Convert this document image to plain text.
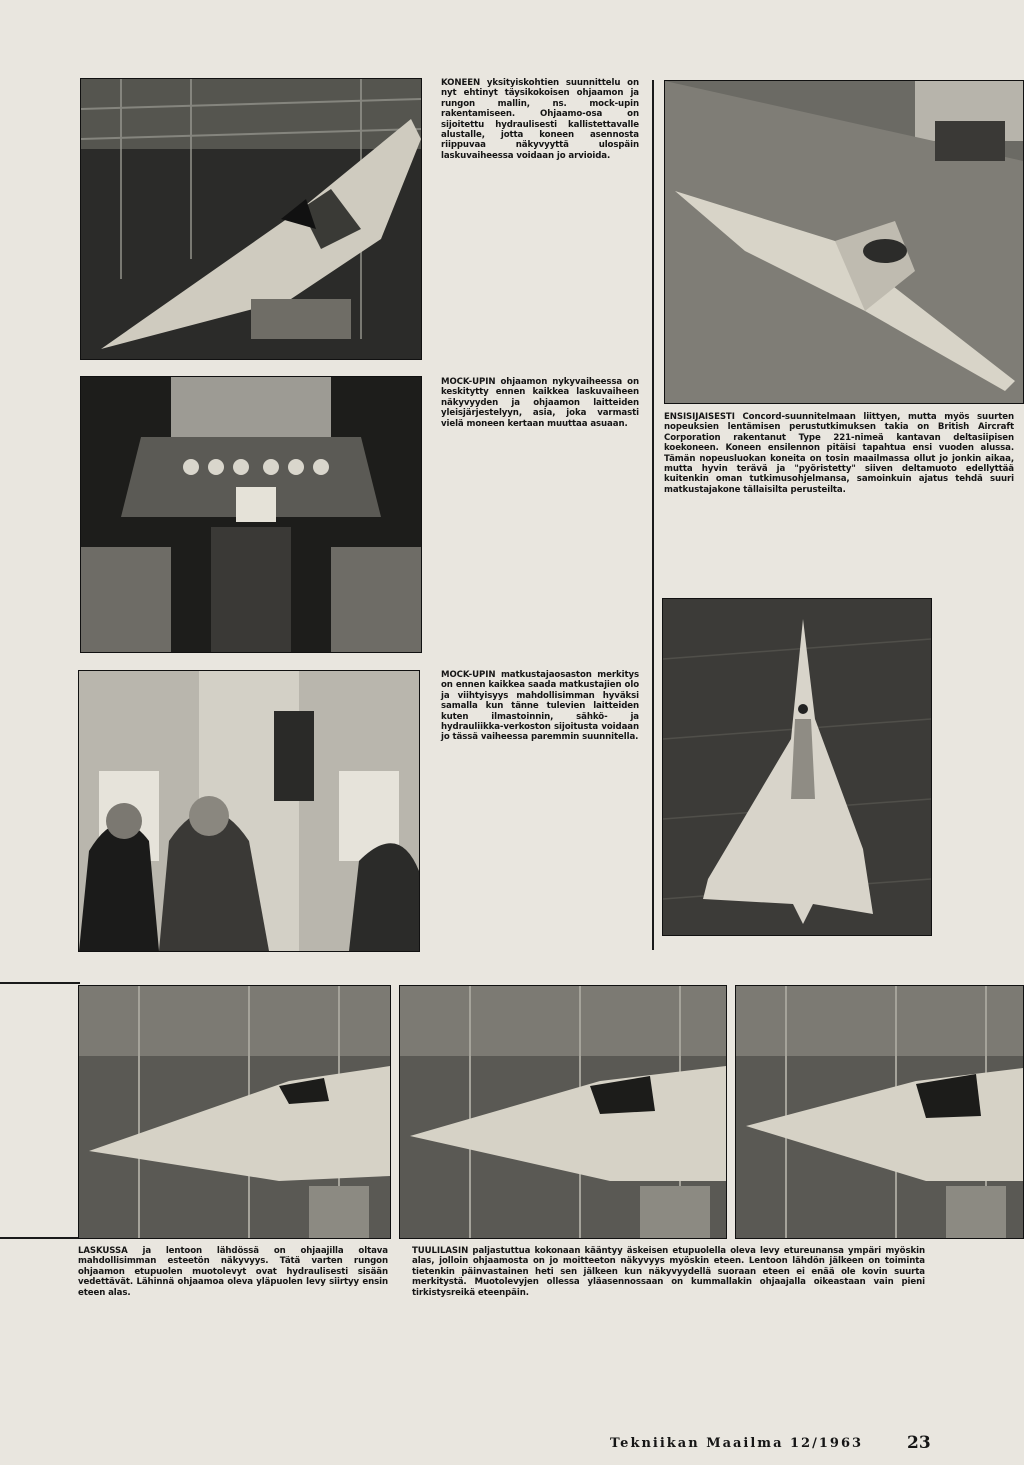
KONEEN yksityiskohtien suunnittelu on nyt ehtinyt täysikokoisen ohjaamon ja rungon mallin, ns. mock-upin rakentamiseen. Ohjaamo-osa on sijoitettu hydraulisesti kallistettavalle alustalle, jotta koneen asennosta riippuvaa näkyvyyttä ulospäin laskuvaiheessa voidaan jo arvioida.
MOCK-UPIN ohjaamon nykyvaiheessa on keskitytty ennen kaikkea laskuvaiheen näkyvyyden ja ohjaamon laitteiden yleisjärjestelyyn, asia, joka varmasti vielä moneen kertaan muuttaa asuaan.
ENSISIJAISESTI Concord-suunnitelmaan liittyen, mutta myös suurten nopeuksien lentämisen perustutkimuksen takia on British Aircraft Corporation rakentanut Type 221-nimeä kantavan deltasiipisen koekoneen. Koneen ensilennon pitäisi tapahtua ensi vuoden alussa. Tämän nopeusluokan koneita on tosin maailmassa ollut jo jonkin aikaa, mutta hyvin terävä ja "pyöristetty" siiven deltamuoto edellyttää kuitenkin oman tutkimusohjelmansa, samoinkuin ajatus tehdä suuri matkustajakone tällaisilta perusteilta.
MOCK-UPIN matkustajaosaston merkitys on ennen kaikkea saada matkustajien olo ja viihtyisyys mahdollisimman hyväksi samalla kun tänne tulevien laitteiden kuten ilmastoinnin, sähkö- ja hydrauliikka-verkoston sijoitusta voidaan jo tässä vaiheessa paremmin suunnitella.
LASKUSSA ja lentoon lähdössä on ohjaajilla oltava mahdollisimman esteetön näkyvyys. Tätä varten rungon ohjaamon etupuolen muotolevyt ovat hydraulisesti sisään vedettävät. Lähinnä ohjaamoa oleva yläpuolen levy siirtyy ensin eteen alas.
TUULILASIN paljastuttua kokonaan kääntyy äskeisen etupuolella oleva levy etureunansa ympäri myöskin alas, jolloin ohjaamosta on jo moitteeton näkyvyys myöskin eteen. Lentoon lähdön jälkeen on toiminta tietenkin päinvastainen heti sen jälkeen kun näkyvyydellä suoraan eteen ei enää ole kovin suurta merkitystä. Muotolevyjen ollessa yläasennossaan on kummallakin ohjaajalla oikeastaan vain pieni tirkistysreikä eteenpäin.
Tekniikan Maailma 12/1963	23
